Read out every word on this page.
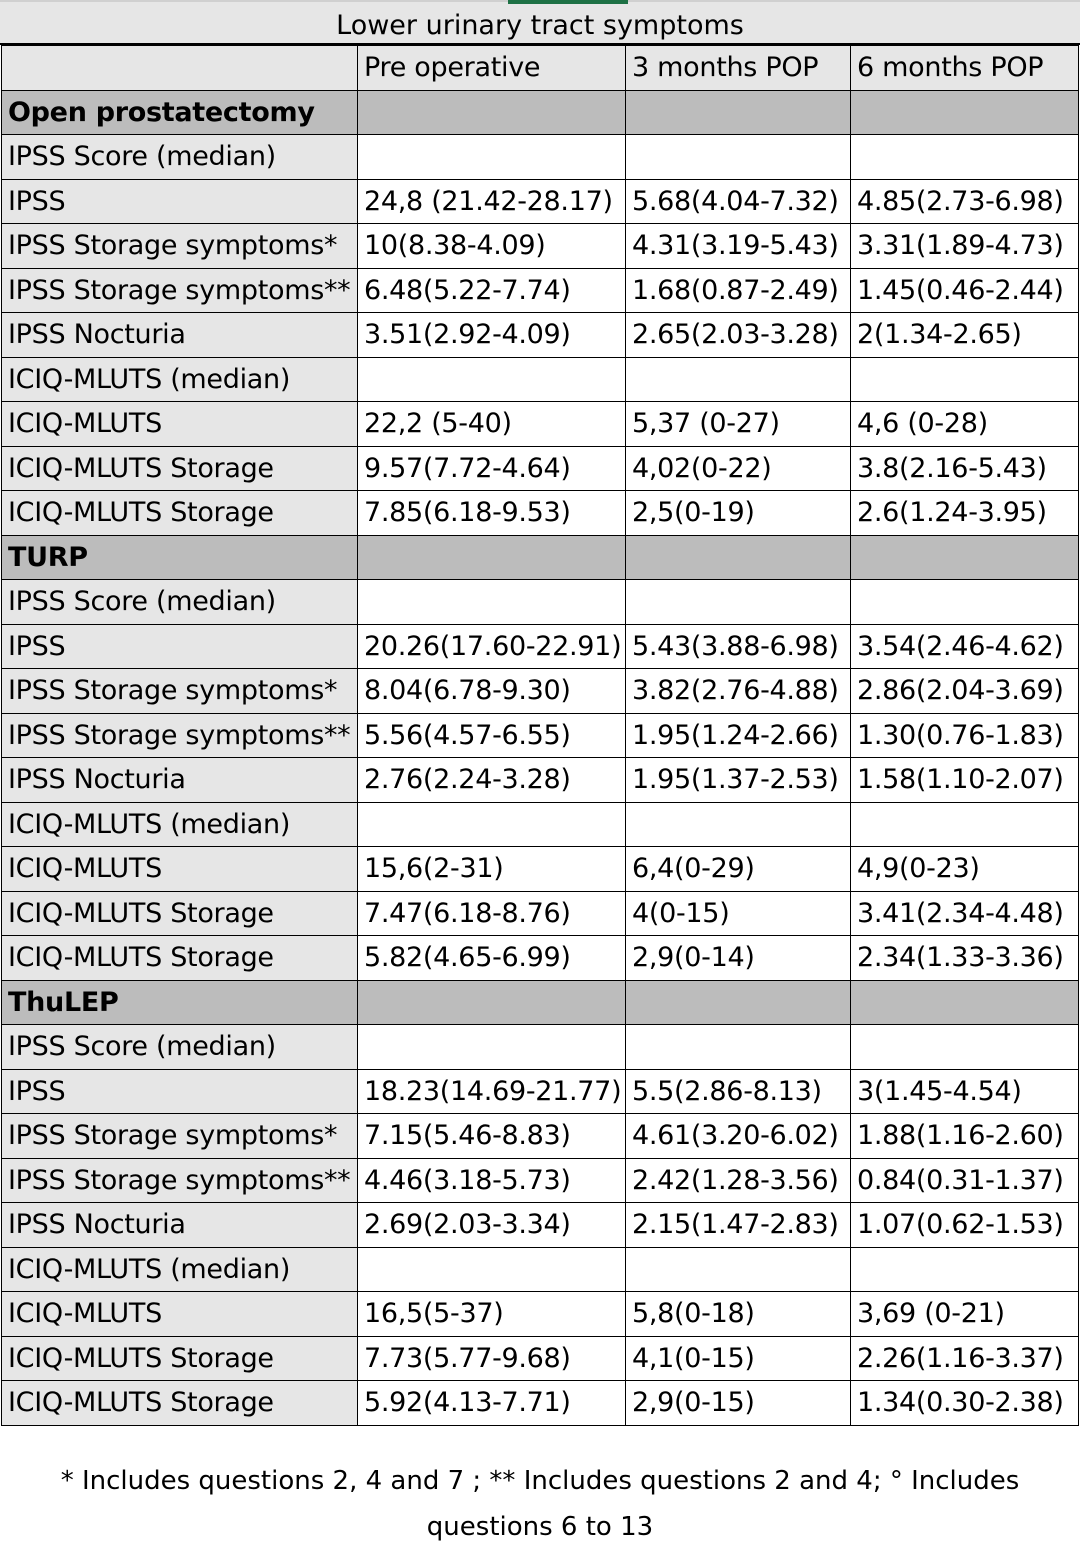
Lower urinary tract symptoms
	Pre operative	3 months POP	6 months POP
Open prostatectomy			
IPSS Score (median)			
IPSS	24,8 (21.42-28.17)	5.68(4.04-7.32)	4.85(2.73-6.98)
IPSS Storage symptoms*	10(8.38-4.09)	4.31(3.19-5.43)	3.31(1.89-4.73)
IPSS Storage symptoms**	6.48(5.22-7.74)	1.68(0.87-2.49)	1.45(0.46-2.44)
IPSS Nocturia	3.51(2.92-4.09)	2.65(2.03-3.28)	2(1.34-2.65)
ICIQ-MLUTS (median)			
ICIQ-MLUTS	22,2 (5-40)	5,37 (0-27)	4,6 (0-28)
ICIQ-MLUTS Storage	9.57(7.72-4.64)	4,02(0-22)	3.8(2.16-5.43)
ICIQ-MLUTS Storage	7.85(6.18-9.53)	2,5(0-19)	2.6(1.24-3.95)
TURP			
IPSS Score (median)			
IPSS	20.26(17.60-22.91)	5.43(3.88-6.98)	3.54(2.46-4.62)
IPSS Storage symptoms*	8.04(6.78-9.30)	3.82(2.76-4.88)	2.86(2.04-3.69)
IPSS Storage symptoms**	5.56(4.57-6.55)	1.95(1.24-2.66)	1.30(0.76-1.83)
IPSS Nocturia	2.76(2.24-3.28)	1.95(1.37-2.53)	1.58(1.10-2.07)
ICIQ-MLUTS (median)			
ICIQ-MLUTS	15,6(2-31)	6,4(0-29)	4,9(0-23)
ICIQ-MLUTS Storage	7.47(6.18-8.76)	4(0-15)	3.41(2.34-4.48)
ICIQ-MLUTS Storage	5.82(4.65-6.99)	2,9(0-14)	2.34(1.33-3.36)
ThuLEP			
IPSS Score (median)			
IPSS	18.23(14.69-21.77)	5.5(2.86-8.13)	3(1.45-4.54)
IPSS Storage symptoms*	7.15(5.46-8.83)	4.61(3.20-6.02)	1.88(1.16-2.60)
IPSS Storage symptoms**	4.46(3.18-5.73)	2.42(1.28-3.56)	0.84(0.31-1.37)
IPSS Nocturia	2.69(2.03-3.34)	2.15(1.47-2.83)	1.07(0.62-1.53)
ICIQ-MLUTS (median)			
ICIQ-MLUTS	16,5(5-37)	5,8(0-18)	3,69 (0-21)
ICIQ-MLUTS Storage	7.73(5.77-9.68)	4,1(0-15)	2.26(1.16-3.37)
ICIQ-MLUTS Storage	5.92(4.13-7.71)	2,9(0-15)	1.34(0.30-2.38)
* Includes questions 2, 4 and 7 ; ** Includes questions 2 and 4; ° Includes
questions 6 to 13
